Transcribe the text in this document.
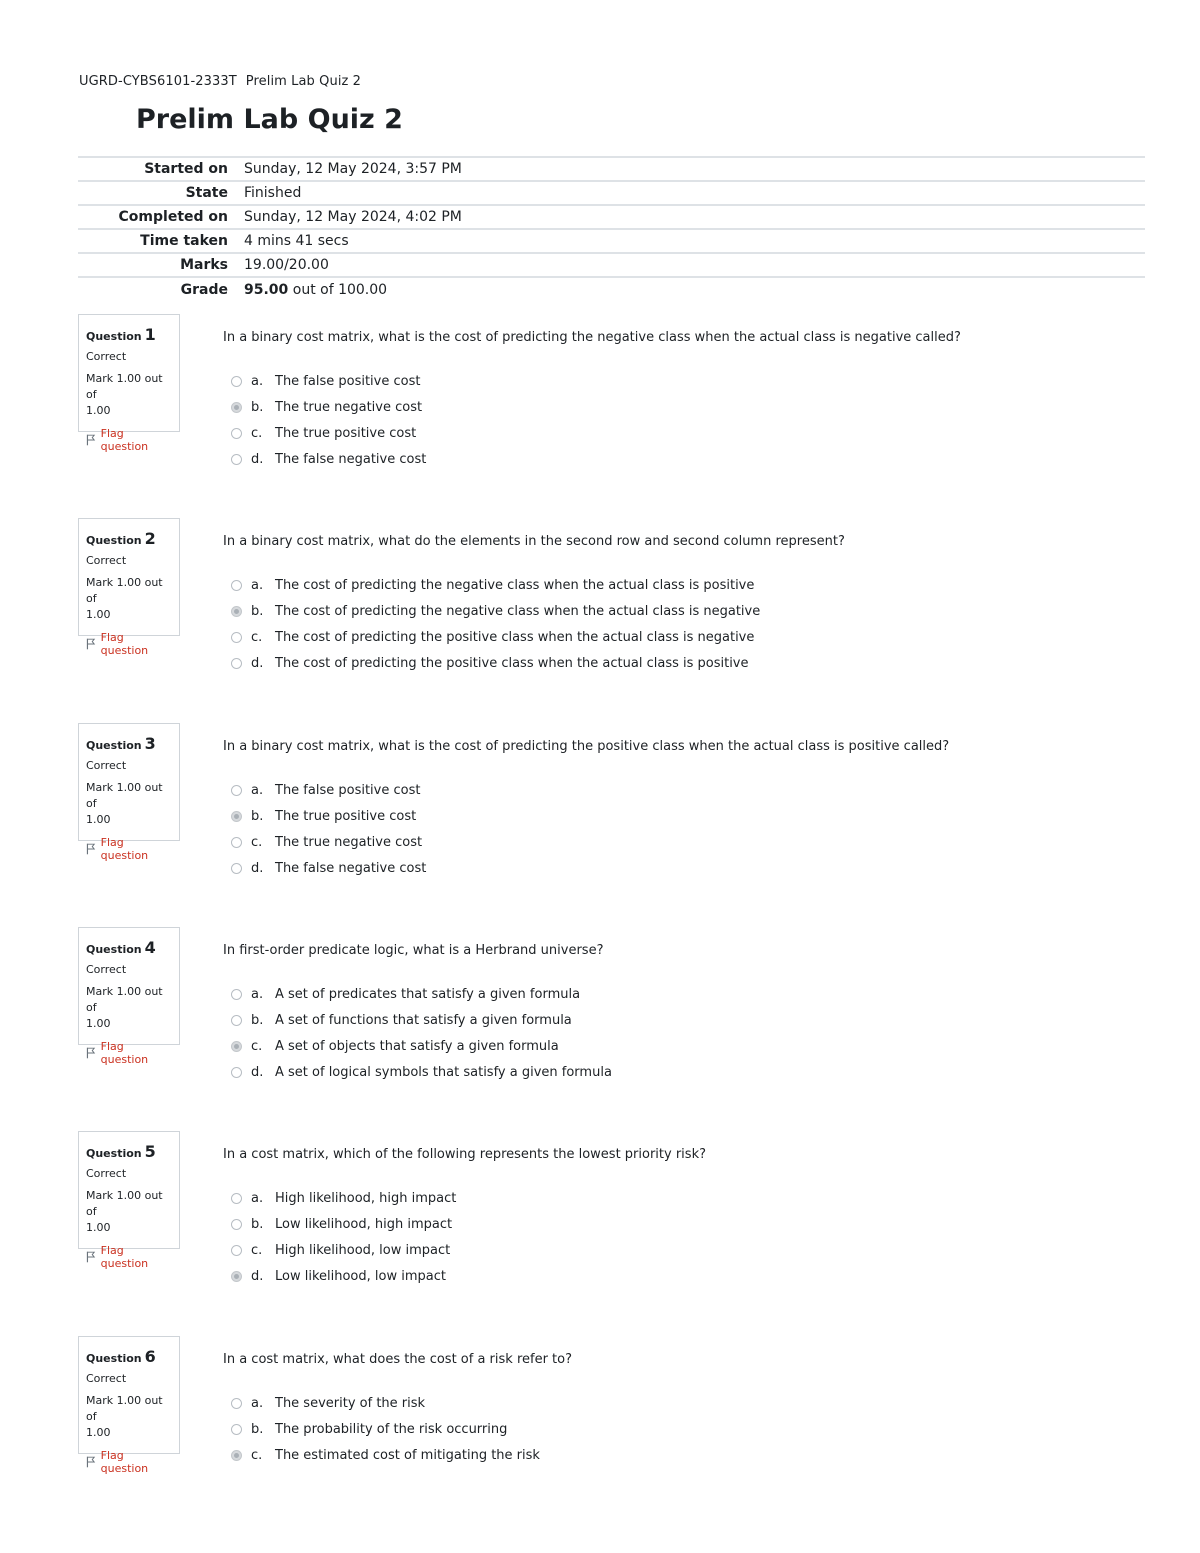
UGRD-CYBS6101-2333T Prelim Lab Quiz 2
Prelim Lab Quiz 2
Started on	Sunday, 12 May 2024, 3:57 PM
State	Finished
Completed on	Sunday, 12 May 2024, 4:02 PM
Time taken	4 mins 41 secs
Marks	19.00/20.00
Grade	95.00 out of 100.00
Question 1
Correct
Mark 1.00 out of
1.00
Flag question
In a binary cost matrix, what is the cost of predicting the negative class when the actual class is negative called?
a. The false positive cost
b. The true negative cost
c. The true positive cost
d. The false negative cost
Question 2
Correct
Mark 1.00 out of
1.00
Flag question
In a binary cost matrix, what do the elements in the second row and second column represent?
a. The cost of predicting the negative class when the actual class is positive
b. The cost of predicting the negative class when the actual class is negative
c. The cost of predicting the positive class when the actual class is negative
d. The cost of predicting the positive class when the actual class is positive
Question 3
Correct
Mark 1.00 out of
1.00
Flag question
In a binary cost matrix, what is the cost of predicting the positive class when the actual class is positive called?
a. The false positive cost
b. The true positive cost
c. The true negative cost
d. The false negative cost
Question 4
Correct
Mark 1.00 out of
1.00
Flag question
In first-order predicate logic, what is a Herbrand universe?
a. A set of predicates that satisfy a given formula
b. A set of functions that satisfy a given formula
c. A set of objects that satisfy a given formula
d. A set of logical symbols that satisfy a given formula
Question 5
Correct
Mark 1.00 out of
1.00
Flag question
In a cost matrix, which of the following represents the lowest priority risk?
a. High likelihood, high impact
b. Low likelihood, high impact
c. High likelihood, low impact
d. Low likelihood, low impact
Question 6
Correct
Mark 1.00 out of
1.00
Flag question
In a cost matrix, what does the cost of a risk refer to?
a. The severity of the risk
b. The probability of the risk occurring
c. The estimated cost of mitigating the risk
